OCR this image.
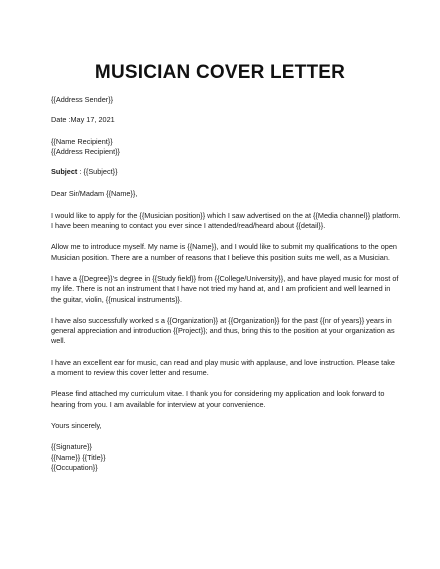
MUSICIAN COVER LETTER

{{Address Sender}}

Date :May 17, 2021

{{Name Recipient}}

{{Address Recipient}}

Subject : {{Subject}}

Dear Sir/Madam {{Name}},

I would like to apply for the {{Musician position}} which I saw advertised on the at {{Media channel}} platform. I have been meaning to contact you ever since I attended/read/heard about {{detail}}.

Allow me to introduce myself. My name is {{Name}}, and I would like to submit my qualifications to the open Musician position. There are a number of reasons that I believe this position suits me well, as a Musician.

I have a {{Degree}}'s degree in {{Study field}} from {{College/University}}, and have played music for most of my life. There is not an instrument that I have not tried my hand at, and I am proficient and well learned in the guitar, violin, {{musical instruments}}.

I have also successfully worked s a {{Organization}} at {{Organization}} for the past {{nr of years}} years in general appreciation and introduction {{Project}}; and thus, bring this to the position at your organization as well.

I have an excellent ear for music, can read and play music with applause, and love instruction. Please take a moment to review this cover letter and resume.

Please find attached my curriculum vitae. I thank you for considering my application and look forward to hearing from you. I am available for interview at your convenience.

Yours sincerely,

{{Signature}}

{{Name}} {{Title}}

{{Occupation}}
